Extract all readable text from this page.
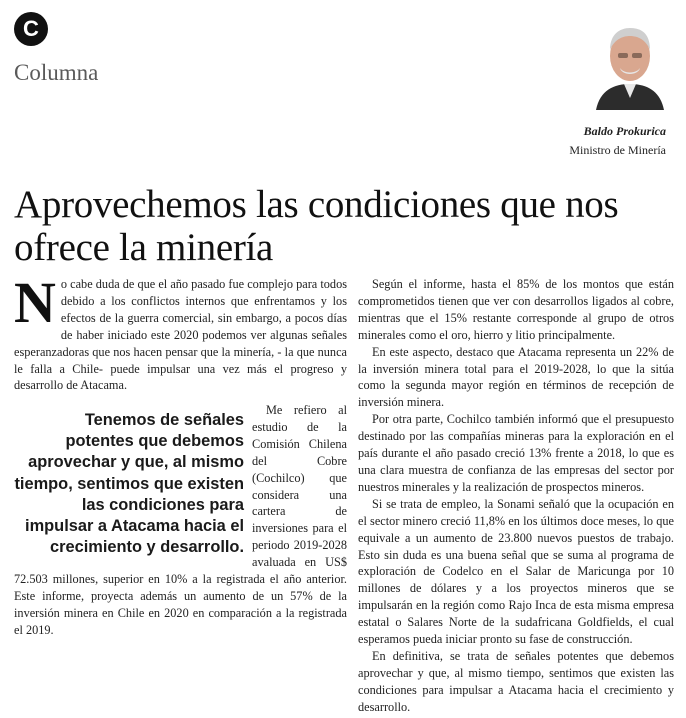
C
Columna
Baldo Prokurica
Ministro de Minería
Aprovechemos las condiciones que nos ofrece la minería

No cabe duda de que el año pasado fue complejo para todos debido a los conflictos internos que enfrentamos y los efectos de la guerra comercial, sin embargo, a pocos días de haber iniciado este 2020 podemos ver algunas señales esperanzadoras que nos hacen pensar que la minería, - la que nunca le falla a Chile- puede impulsar una vez más el progreso y desarrollo de Atacama.

Tenemos de señales potentes que debemos aprovechar y que, al mismo tiempo, sentimos que existen las condiciones para impulsar a Atacama hacia el crecimiento y desarrollo.

Me refiero al estudio de la Comisión Chilena del Cobre (Cochilco) que considera una cartera de inversiones para el periodo 2019-2028 avaluada en US$ 72.503 millones, superior en 10% a la registrada el año anterior. Este informe, proyecta además un aumento de un 57% de la inversión minera en Chile en 2020 en comparación a la registrada el 2019.

Según el informe, hasta el 85% de los montos que están comprometidos tienen que ver con desarrollos ligados al cobre, mientras que el 15% restante corresponde al grupo de otros minerales como el oro, hierro y litio principalmente.

En este aspecto, destaco que Atacama representa un 22% de la inversión minera total para el 2019-2028, lo que la sitúa como la segunda mayor región en términos de recepción de inversión minera.

Por otra parte, Cochilco también informó que el presupuesto destinado por las compañías mineras para la exploración en el país durante el año pasado creció 13% frente a 2018, lo que es una clara muestra de confianza de las empresas del sector por nuestros minerales y la realización de prospectos mineros.

Si se trata de empleo, la Sonami señaló que la ocupación en el sector minero creció 11,8% en los últimos doce meses, lo que equivale a un aumento de 23.800 nuevos puestos de trabajo. Esto sin duda es una buena señal que se suma al programa de exploración de Codelco en el Salar de Maricunga por 10 millones de dólares y a los proyectos mineros que se impulsarán en la región como Rajo Inca de esta misma empresa estatal o Salares Norte de la sudafricana Goldfields, el cual esperamos pueda iniciar pronto su fase de construcción.

En definitiva, se trata de señales potentes que debemos aprovechar y que, al mismo tiempo, sentimos que existen las condiciones para impulsar a Atacama hacia el crecimiento y desarrollo.
